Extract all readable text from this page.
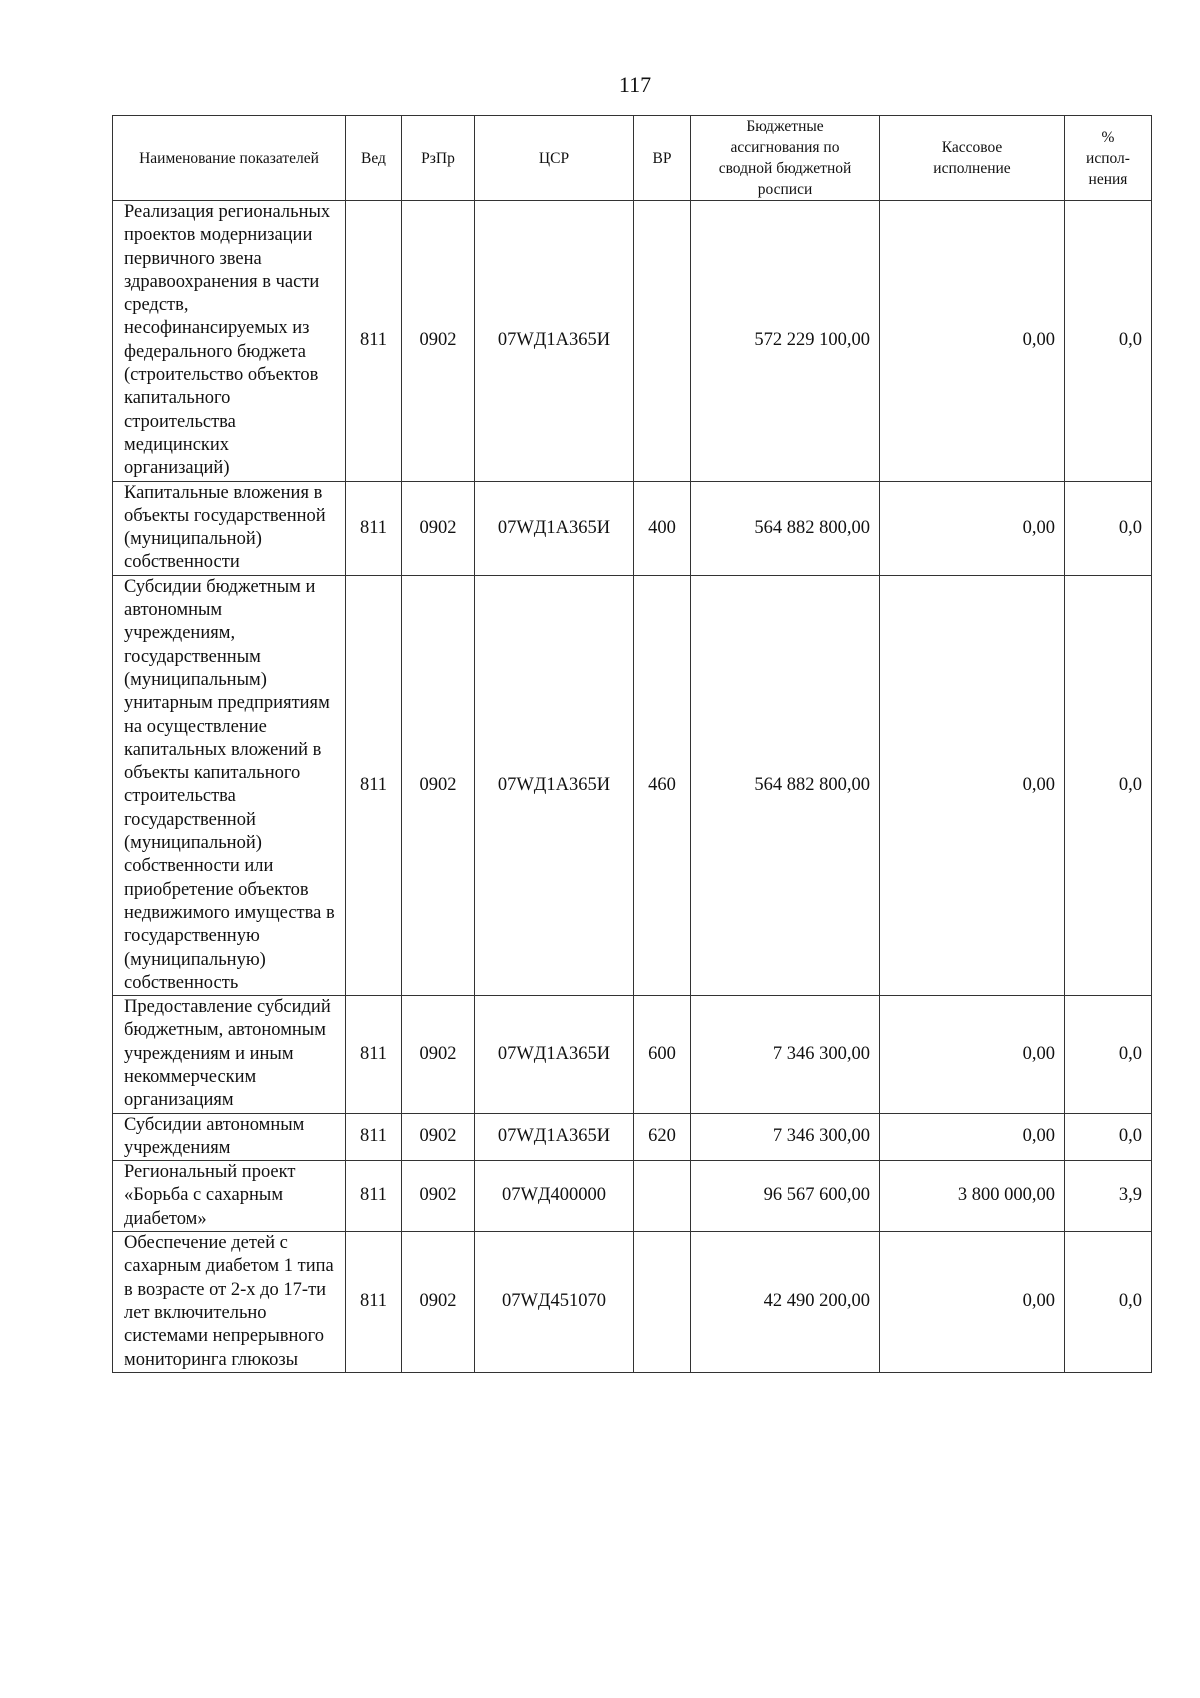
117
Наименование показателей	Вед	РзПр	ЦСР	ВР	Бюджетные ассигнования по сводной бюджетной росписи	Кассовое исполнение	% испол-нения
Реализация региональных проектов модернизации первичного звена здравоохранения в части средств, несофинансируемых из федерального бюджета (строительство объектов капитального строительства медицинских организаций)	811	0902	07WД1А365И		572 229 100,00	0,00	0,0
Капитальные вложения в объекты государственной (муниципальной) собственности	811	0902	07WД1А365И	400	564 882 800,00	0,00	0,0
Субсидии бюджетным и автономным учреждениям, государственным (муниципальным) унитарным предприятиям на осуществление капитальных вложений в объекты капитального строительства государственной (муниципальной) собственности или приобретение объектов недвижимого имущества в государственную (муниципальную) собственность	811	0902	07WД1А365И	460	564 882 800,00	0,00	0,0
Предоставление субсидий бюджетным, автономным учреждениям и иным некоммерческим организациям	811	0902	07WД1А365И	600	7 346 300,00	0,00	0,0
Субсидии автономным учреждениям	811	0902	07WД1А365И	620	7 346 300,00	0,00	0,0
Региональный проект «Борьба с сахарным диабетом»	811	0902	07WД400000		96 567 600,00	3 800 000,00	3,9
Обеспечение детей с сахарным диабетом 1 типа в возрасте от 2-х до 17-ти лет включительно системами непрерывного мониторинга глюкозы	811	0902	07WД451070		42 490 200,00	0,00	0,0
